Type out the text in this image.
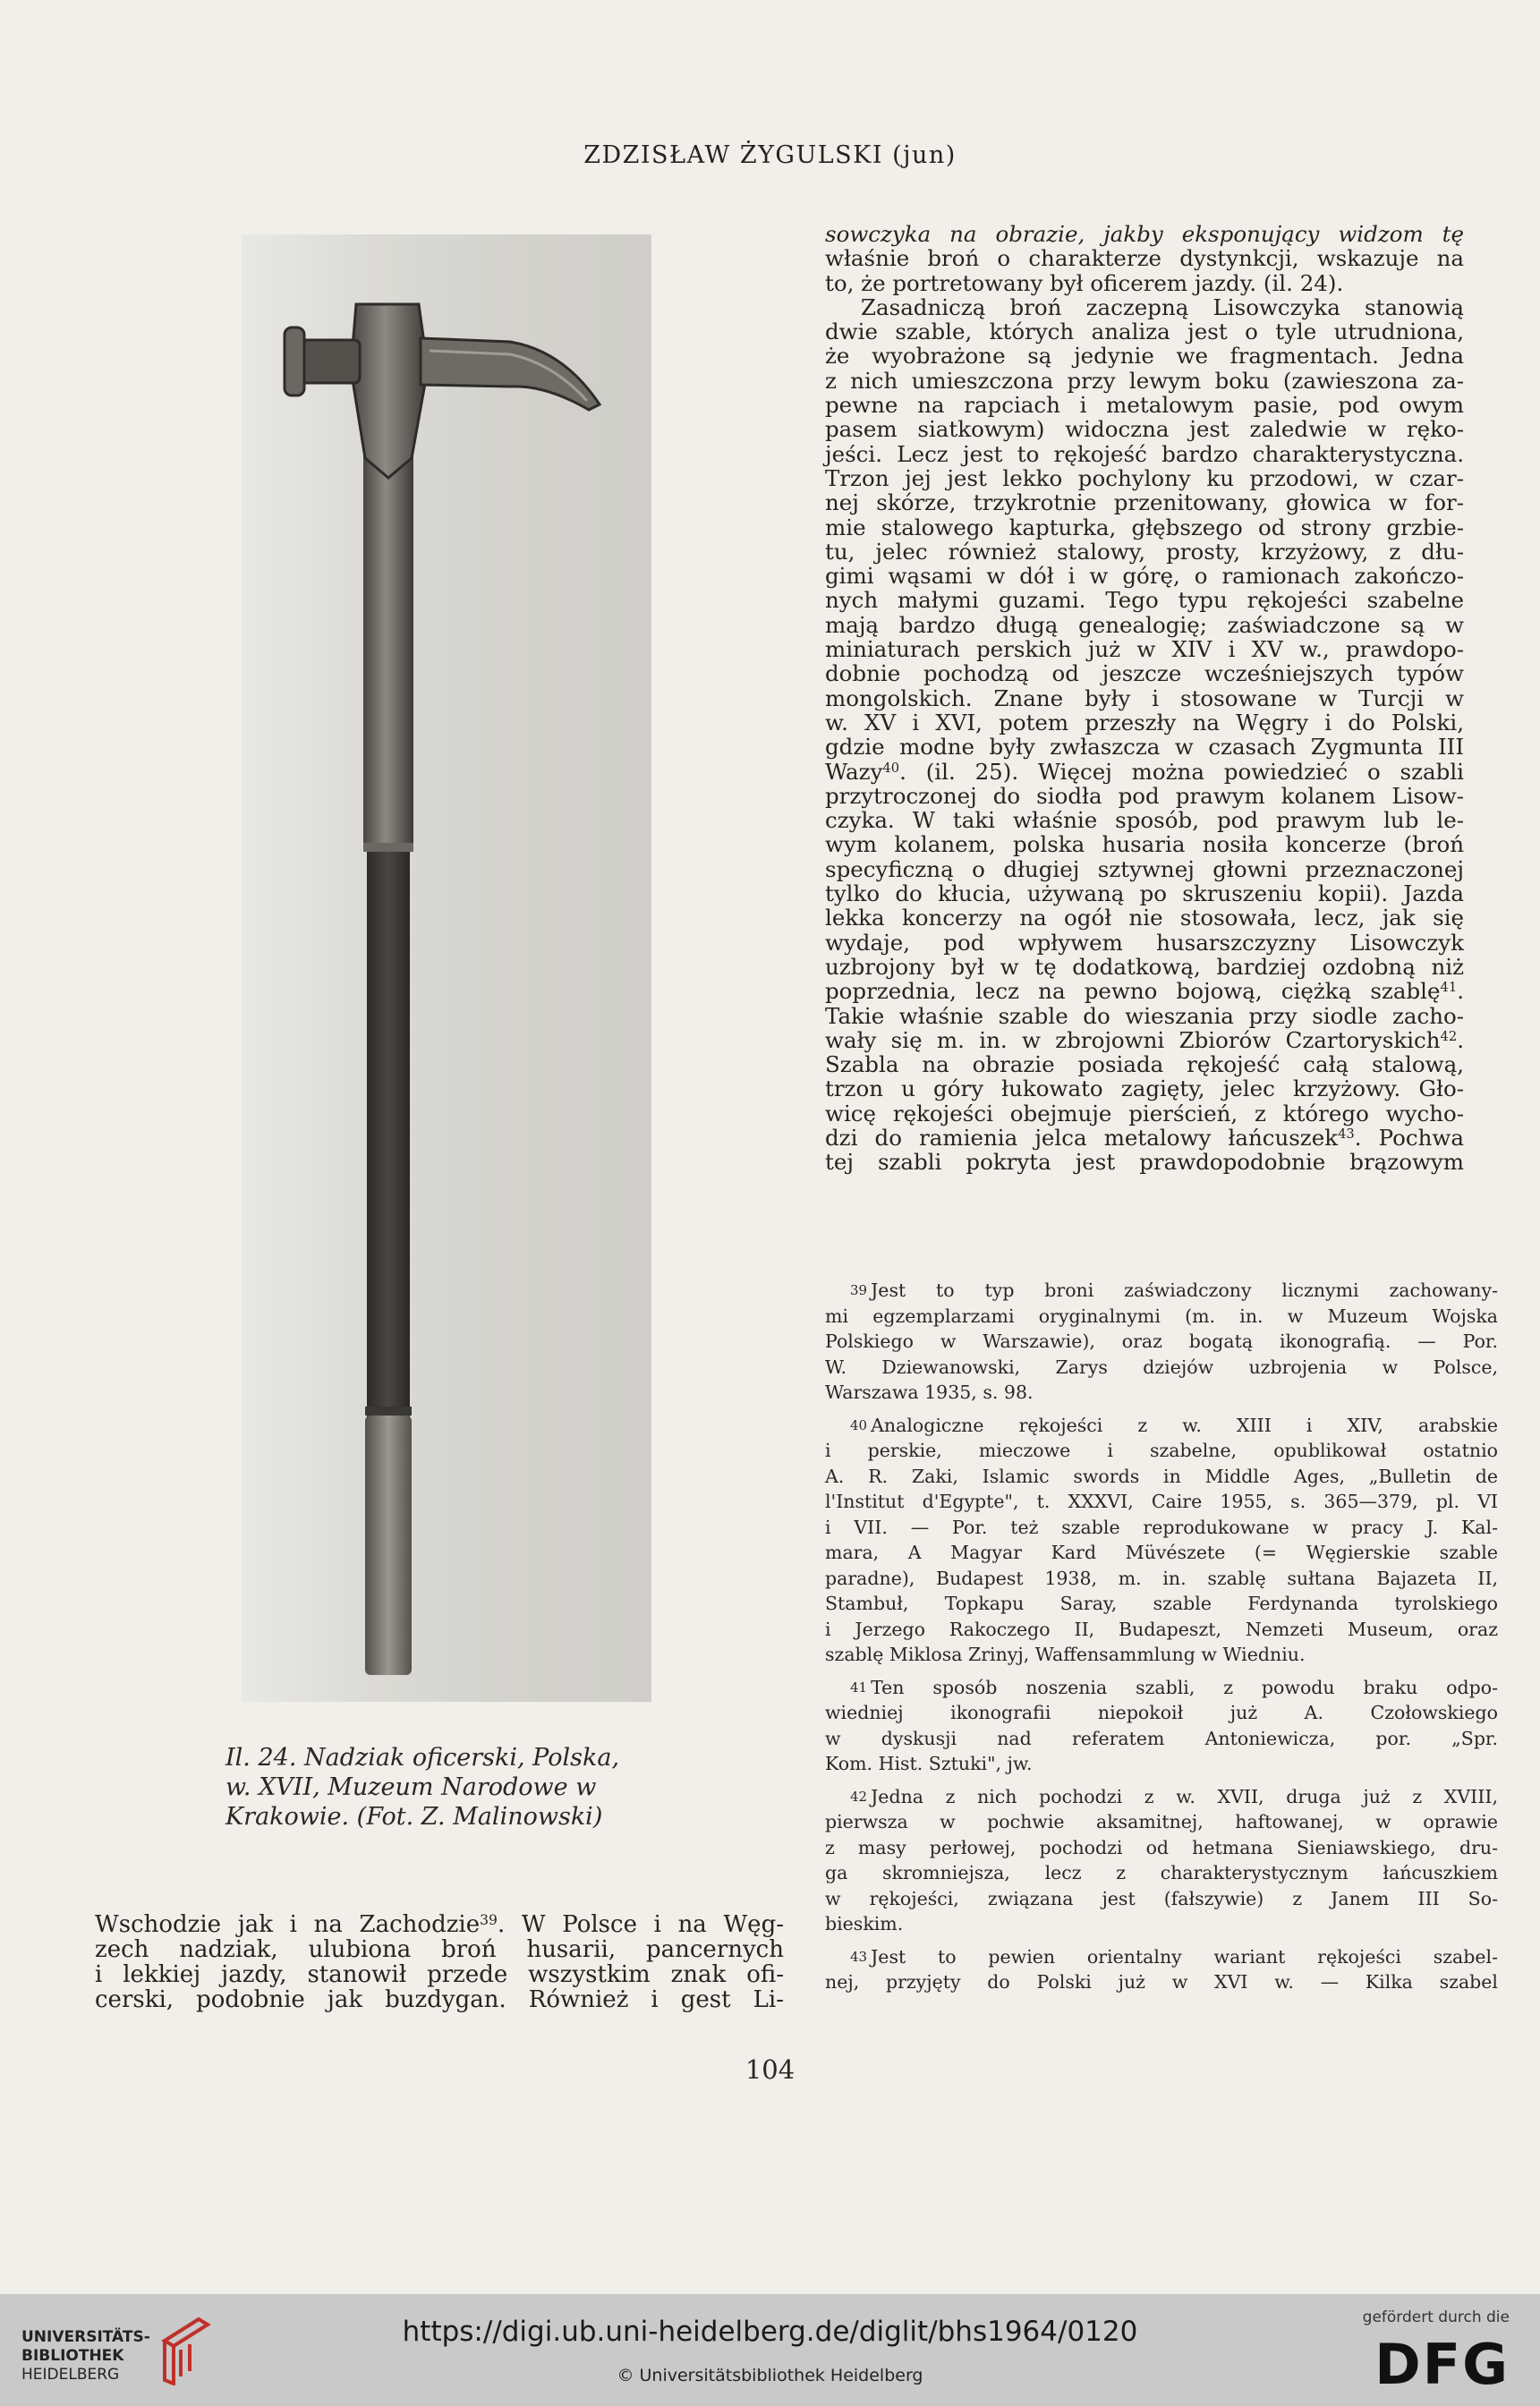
ZDZISŁAW ŻYGULSKI (jun)
Il. 24. Nadziak oficerski, Polska,
w. XVII, Muzeum Narodowe w
Krakowie. (Fot. Z. Malinowski)
sowczyka na obrazie, jakby eksponujący widzom tę
właśnie broń o charakterze dystynkcji, wskazuje na
to, że portretowany był oficerem jazdy. (il. 24).
Zasadniczą broń zaczepną Lisowczyka stanowią
dwie szable, których analiza jest o tyle utrudniona,
że wyobrażone są jedynie we fragmentach. Jedna
z nich umieszczona przy lewym boku (zawieszona za-
pewne na rapciach i metalowym pasie, pod owym
pasem siatkowym) widoczna jest zaledwie w ręko-
jeści. Lecz jest to rękojeść bardzo charakterystyczna.
Trzon jej jest lekko pochylony ku przodowi, w czar-
nej skórze, trzykrotnie przenitowany, głowica w for-
mie stalowego kapturka, głębszego od strony grzbie-
tu, jelec również stalowy, prosty, krzyżowy, z dłu-
gimi wąsami w dół i w górę, o ramionach zakończo-
nych małymi guzami. Tego typu rękojeści szabelne
mają bardzo długą genealogię; zaświadczone są w
miniaturach perskich już w XIV i XV w., prawdopo-
dobnie pochodzą od jeszcze wcześniejszych typów
mongolskich. Znane były i stosowane w Turcji w
w. XV i XVI, potem przeszły na Węgry i do Polski,
gdzie modne były zwłaszcza w czasach Zygmunta III
Wazy$^{40}$. (il. 25). Więcej można powiedzieć o szabli
przytroczonej do siodła pod prawym kolanem Lisow-
czyka. W taki właśnie sposób, pod prawym lub le-
wym kolanem, polska husaria nosiła koncerze (broń
specyficzną o długiej sztywnej głowni przeznaczonej
tylko do kłucia, używaną po skruszeniu kopii). Jazda
lekka koncerzy na ogół nie stosowała, lecz, jak się
wydaje, pod wpływem husarszczyzny Lisowczyk
uzbrojony był w tę dodatkową, bardziej ozdobną niż
poprzednia, lecz na pewno bojową, ciężką szablę$^{41}$.
Takie właśnie szable do wieszania przy siodle zacho-
wały się m. in. w zbrojowni Zbiorów Czartoryskich$^{42}$.
Szabla na obrazie posiada rękojeść całą stalową,
trzon u góry łukowato zagięty, jelec krzyżowy. Gło-
wicę rękojeści obejmuje pierścień, z którego wycho-
dzi do ramienia jelca metalowy łańcuszek$^{43}$. Pochwa
tej szabli pokryta jest prawdopodobnie brązowym
Wschodzie jak i na Zachodzie$^{39}$. W Polsce i na Węg-
zech nadziak, ulubiona broń husarii, pancernych
i lekkiej jazdy, stanowił przede wszystkim znak ofi-
cerski, podobnie jak buzdygan. Również i gest Li-
39 Jest to typ broni zaświadczony licznymi zachowany-
mi egzemplarzami oryginalnymi (m. in. w Muzeum Wojska
Polskiego w Warszawie), oraz bogatą ikonografią. — Por.
W. Dziewanowski, Zarys dziejów uzbrojenia w Polsce,
Warszawa 1935, s. 98.
40 Analogiczne rękojeści z w. XIII i XIV, arabskie
i perskie, mieczowe i szabelne, opublikował ostatnio
A. R. Zaki, Islamic swords in Middle Ages, „Bulletin de
l'Institut d'Egypte", t. XXXVI, Caire 1955, s. 365—379, pl. VI
i VII. — Por. też szable reprodukowane w pracy J. Kal-
mara, A Magyar Kard Müvészete (= Węgierskie szable
paradne), Budapest 1938, m. in. szablę sułtana Bajazeta II,
Stambuł, Topkapu Saray, szable Ferdynanda tyrolskiego
i Jerzego Rakoczego II, Budapeszt, Nemzeti Museum, oraz
szablę Miklosa Zrinyj, Waffensammlung w Wiedniu.
41 Ten sposób noszenia szabli, z powodu braku odpo-
wiedniej ikonografii niepokoił już A. Czołowskiego
w dyskusji nad referatem Antoniewicza, por. „Spr.
Kom. Hist. Sztuki", jw.
42 Jedna z nich pochodzi z w. XVII, druga już z XVIII,
pierwsza w pochwie aksamitnej, haftowanej, w oprawie
z masy perłowej, pochodzi od hetmana Sieniawskiego, dru-
ga skromniejsza, lecz z charakterystycznym łańcuszkiem
w rękojeści, związana jest (fałszywie) z Janem III So-
bieskim.
43 Jest to pewien orientalny wariant rękojeści szabel-
nej, przyjęty do Polski już w XVI w. — Kilka szabel
104
UNIVERSITÄTS-
BIBLIOTHEK
HEIDELBERG
https://digi.ub.uni-heidelberg.de/diglit/bhs1964/0120
© Universitätsbibliothek Heidelberg
gefördert durch die
DFG
